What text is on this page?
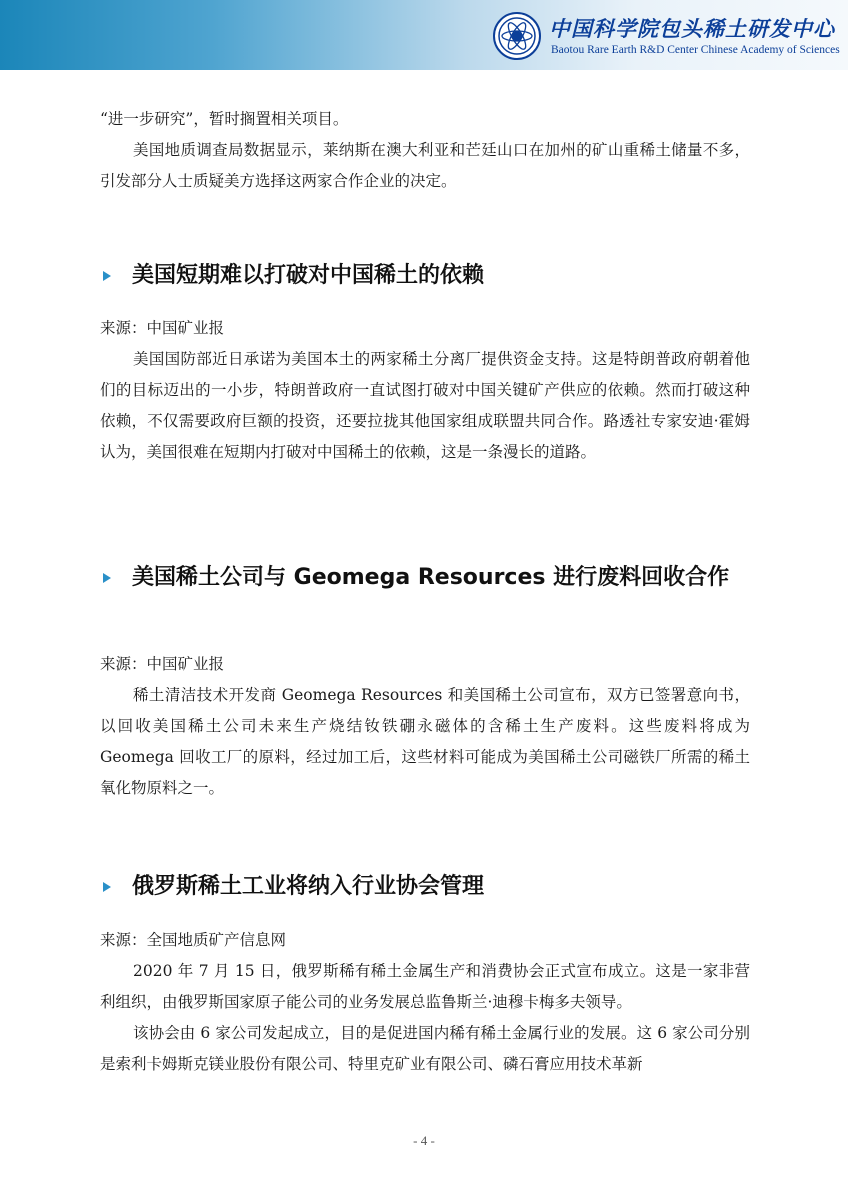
中国科学院包头稀土研发中心
Baotou Rare Earth R&D Center Chinese Academy of Sciences

“进一步研究”，暂时搁置相关项目。

美国地质调查局数据显示，莱纳斯在澳大利亚和芒廷山口在加州的矿山重稀土储量不多，引发部分人士质疑美方选择这两家合作企业的决定。

美国短期难以打破对中国稀土的依赖

来源：中国矿业报

美国国防部近日承诺为美国本土的两家稀土分离厂提供资金支持。这是特朗普政府朝着他们的目标迈出的一小步，特朗普政府一直试图打破对中国关键矿产供应的依赖。然而打破这种依赖，不仅需要政府巨额的投资，还要拉拢其他国家组成联盟共同合作。路透社专家安迪·霍姆认为，美国很难在短期内打破对中国稀土的依赖，这是一条漫长的道路。

美国稀土公司与 Geomega Resources 进行废料回收合作

来源：中国矿业报

稀土清洁技术开发商 Geomega Resources 和美国稀土公司宣布，双方已签署意向书，以回收美国稀土公司未来生产烧结钕铁硼永磁体的含稀土生产废料。这些废料将成为 Geomega 回收工厂的原料，经过加工后，这些材料可能成为美国稀土公司磁铁厂所需的稀土氧化物原料之一。

俄罗斯稀土工业将纳入行业协会管理

来源：全国地质矿产信息网

2020 年 7 月 15 日，俄罗斯稀有稀土金属生产和消费协会正式宣布成立。这是一家非营利组织，由俄罗斯国家原子能公司的业务发展总监鲁斯兰·迪穆卡梅多夫领导。

该协会由 6 家公司发起成立，目的是促进国内稀有稀土金属行业的发展。这 6 家公司分别是索利卡姆斯克镁业股份有限公司、特里克矿业有限公司、磷石膏应用技术革新

- 4 -
